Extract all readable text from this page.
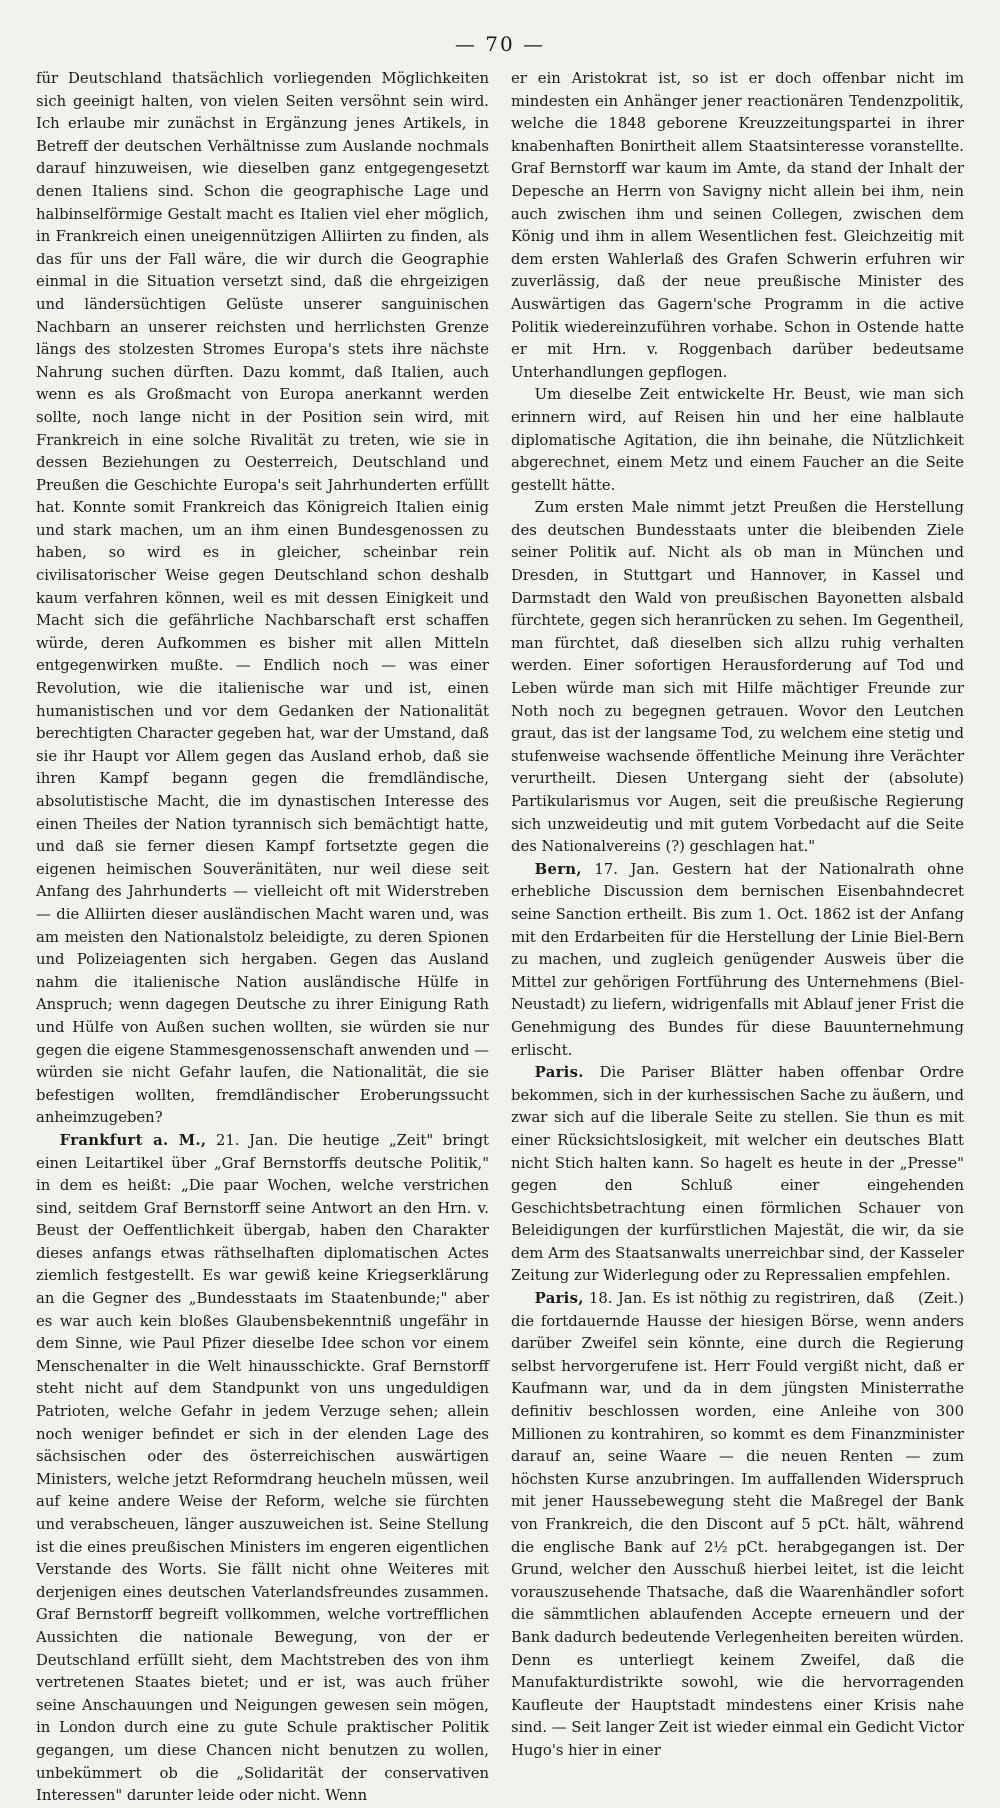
— 70 —

für Deutschland thatsächlich vorliegenden Möglichkeiten sich geeinigt halten, von vielen Seiten versöhnt sein wird. Ich erlaube mir zunächst in Ergänzung jenes Artikels, in Betreff der deutschen Verhältnisse zum Auslande nochmals darauf hinzuweisen, wie dieselben ganz entgegengesetzt denen Italiens sind. Schon die geographische Lage und halbinselförmige Gestalt macht es Italien viel eher möglich, in Frankreich einen uneigennützigen Alliirten zu finden, als das für uns der Fall wäre, die wir durch die Geographie einmal in die Situation versetzt sind, daß die ehrgeizigen und ländersüchtigen Gelüste unserer sanguinischen Nachbarn an unserer reichsten und herrlichsten Grenze längs des stolzesten Stromes Europa's stets ihre nächste Nahrung suchen dürften. Dazu kommt, daß Italien, auch wenn es als Großmacht von Europa anerkannt werden sollte, noch lange nicht in der Position sein wird, mit Frankreich in eine solche Rivalität zu treten, wie sie in dessen Beziehungen zu Oesterreich, Deutschland und Preußen die Geschichte Europa's seit Jahrhunderten erfüllt hat. Konnte somit Frankreich das Königreich Italien einig und stark machen, um an ihm einen Bundesgenossen zu haben, so wird es in gleicher, scheinbar rein civilisatorischer Weise gegen Deutschland schon deshalb kaum verfahren können, weil es mit dessen Einigkeit und Macht sich die gefährliche Nachbarschaft erst schaffen würde, deren Aufkommen es bisher mit allen Mitteln entgegenwirken mußte. — Endlich noch — was einer Revolution, wie die italienische war und ist, einen humanistischen und vor dem Gedanken der Nationalität berechtigten Character gegeben hat, war der Umstand, daß sie ihr Haupt vor Allem gegen das Ausland erhob, daß sie ihren Kampf begann gegen die fremdländische, absolutistische Macht, die im dynastischen Interesse des einen Theiles der Nation tyrannisch sich bemächtigt hatte, und daß sie ferner diesen Kampf fortsetzte gegen die eigenen heimischen Souveränitäten, nur weil diese seit Anfang des Jahrhunderts — vielleicht oft mit Widerstreben — die Alliirten dieser ausländischen Macht waren und, was am meisten den Nationalstolz beleidigte, zu deren Spionen und Polizeiagenten sich hergaben. Gegen das Ausland nahm die italienische Nation ausländische Hülfe in Anspruch; wenn dagegen Deutsche zu ihrer Einigung Rath und Hülfe von Außen suchen wollten, sie würden sie nur gegen die eigene Stammesgenossenschaft anwenden und — würden sie nicht Gefahr laufen, die Nationalität, die sie befestigen wollten, fremdländischer Eroberungssucht anheimzugeben?

Frankfurt a. M., 21. Jan. Die heutige „Zeit" bringt einen Leitartikel über „Graf Bernstorffs deutsche Politik," in dem es heißt: „Die paar Wochen, welche verstrichen sind, seitdem Graf Bernstorff seine Antwort an den Hrn. v. Beust der Oeffentlichkeit übergab, haben den Charakter dieses anfangs etwas räthselhaften diplomatischen Actes ziemlich festgestellt. Es war gewiß keine Kriegserklärung an die Gegner des „Bundesstaats im Staatenbunde;" aber es war auch kein bloßes Glaubensbekenntniß ungefähr in dem Sinne, wie Paul Pfizer dieselbe Idee schon vor einem Menschenalter in die Welt hinausschickte. Graf Bernstorff steht nicht auf dem Standpunkt von uns ungeduldigen Patrioten, welche Gefahr in jedem Verzuge sehen; allein noch weniger befindet er sich in der elenden Lage des sächsischen oder des österreichischen auswärtigen Ministers, welche jetzt Reformdrang heucheln müssen, weil auf keine andere Weise der Reform, welche sie fürchten und verabscheuen, länger auszuweichen ist. Seine Stellung ist die eines preußischen Ministers im engeren eigentlichen Verstande des Worts. Sie fällt nicht ohne Weiteres mit derjenigen eines deutschen Vaterlandsfreundes zusammen. Graf Bernstorff begreift vollkommen, welche vortrefflichen Aussichten die nationale Bewegung, von der er Deutschland erfüllt sieht, dem Machtstreben des von ihm vertretenen Staates bietet; und er ist, was auch früher seine Anschauungen und Neigungen gewesen sein mögen, in London durch eine zu gute Schule praktischer Politik gegangen, um diese Chancen nicht benutzen zu wollen, unbekümmert ob die „Solidarität der conservativen Interessen" darunter leide oder nicht. Wenn

er ein Aristokrat ist, so ist er doch offenbar nicht im mindesten ein Anhänger jener reactionären Tendenzpolitik, welche die 1848 geborene Kreuzzeitungspartei in ihrer knabenhaften Bonirtheit allem Staatsinteresse voranstellte. Graf Bernstorff war kaum im Amte, da stand der Inhalt der Depesche an Herrn von Savigny nicht allein bei ihm, nein auch zwischen ihm und seinen Collegen, zwischen dem König und ihm in allem Wesentlichen fest. Gleichzeitig mit dem ersten Wahlerlaß des Grafen Schwerin erfuhren wir zuverlässig, daß der neue preußische Minister des Auswärtigen das Gagern'sche Programm in die active Politik wiedereinzuführen vorhabe. Schon in Ostende hatte er mit Hrn. v. Roggenbach darüber bedeutsame Unterhandlungen gepflogen.

Um dieselbe Zeit entwickelte Hr. Beust, wie man sich erinnern wird, auf Reisen hin und her eine halblaute diplomatische Agitation, die ihn beinahe, die Nützlichkeit abgerechnet, einem Metz und einem Faucher an die Seite gestellt hätte.

Zum ersten Male nimmt jetzt Preußen die Herstellung des deutschen Bundesstaats unter die bleibenden Ziele seiner Politik auf. Nicht als ob man in München und Dresden, in Stuttgart und Hannover, in Kassel und Darmstadt den Wald von preußischen Bayonetten alsbald fürchtete, gegen sich heranrücken zu sehen. Im Gegentheil, man fürchtet, daß dieselben sich allzu ruhig verhalten werden. Einer sofortigen Herausforderung auf Tod und Leben würde man sich mit Hilfe mächtiger Freunde zur Noth noch zu begegnen getrauen. Wovor den Leutchen graut, das ist der langsame Tod, zu welchem eine stetig und stufenweise wachsende öffentliche Meinung ihre Verächter verurtheilt. Diesen Untergang sieht der (absolute) Partikularismus vor Augen, seit die preußische Regierung sich unzweideutig und mit gutem Vorbedacht auf die Seite des Nationalvereins (?) geschlagen hat."

Bern, 17. Jan. Gestern hat der Nationalrath ohne erhebliche Discussion dem bernischen Eisenbahndecret seine Sanction ertheilt. Bis zum 1. Oct. 1862 ist der Anfang mit den Erdarbeiten für die Herstellung der Linie Biel-Bern zu machen, und zugleich genügender Ausweis über die Mittel zur gehörigen Fortführung des Unternehmens (Biel-Neustadt) zu liefern, widrigenfalls mit Ablauf jener Frist die Genehmigung des Bundes für diese Bauunternehmung erlischt.

Paris. Die Pariser Blätter haben offenbar Ordre bekommen, sich in der kurhessischen Sache zu äußern, und zwar sich auf die liberale Seite zu stellen. Sie thun es mit einer Rücksichtslosigkeit, mit welcher ein deutsches Blatt nicht Stich halten kann. So hagelt es heute in der „Presse" gegen den Schluß einer eingehenden Geschichtsbetrachtung einen förmlichen Schauer von Beleidigungen der kurfürstlichen Majestät, die wir, da sie dem Arm des Staatsanwalts unerreichbar sind, der Kasseler Zeitung zur Widerlegung oder zu Repressalien empfehlen.
(Zeit.)

Paris, 18. Jan. Es ist nöthig zu registriren, daß die fortdauernde Hausse der hiesigen Börse, wenn anders darüber Zweifel sein könnte, eine durch die Regierung selbst hervorgerufene ist. Herr Fould vergißt nicht, daß er Kaufmann war, und da in dem jüngsten Ministerrathe definitiv beschlossen worden, eine Anleihe von 300 Millionen zu kontrahiren, so kommt es dem Finanzminister darauf an, seine Waare — die neuen Renten — zum höchsten Kurse anzubringen. Im auffallenden Widerspruch mit jener Haussebewegung steht die Maßregel der Bank von Frankreich, die den Discont auf 5 pCt. hält, während die englische Bank auf 2½ pCt. herabgegangen ist. Der Grund, welcher den Ausschuß hierbei leitet, ist die leicht vorauszusehende Thatsache, daß die Waarenhändler sofort die sämmtlichen ablaufenden Accepte erneuern und der Bank dadurch bedeutende Verlegenheiten bereiten würden. Denn es unterliegt keinem Zweifel, daß die Manufakturdistrikte sowohl, wie die hervorragenden Kaufleute der Hauptstadt mindestens einer Krisis nahe sind. — Seit langer Zeit ist wieder einmal ein Gedicht Victor Hugo's hier in einer
